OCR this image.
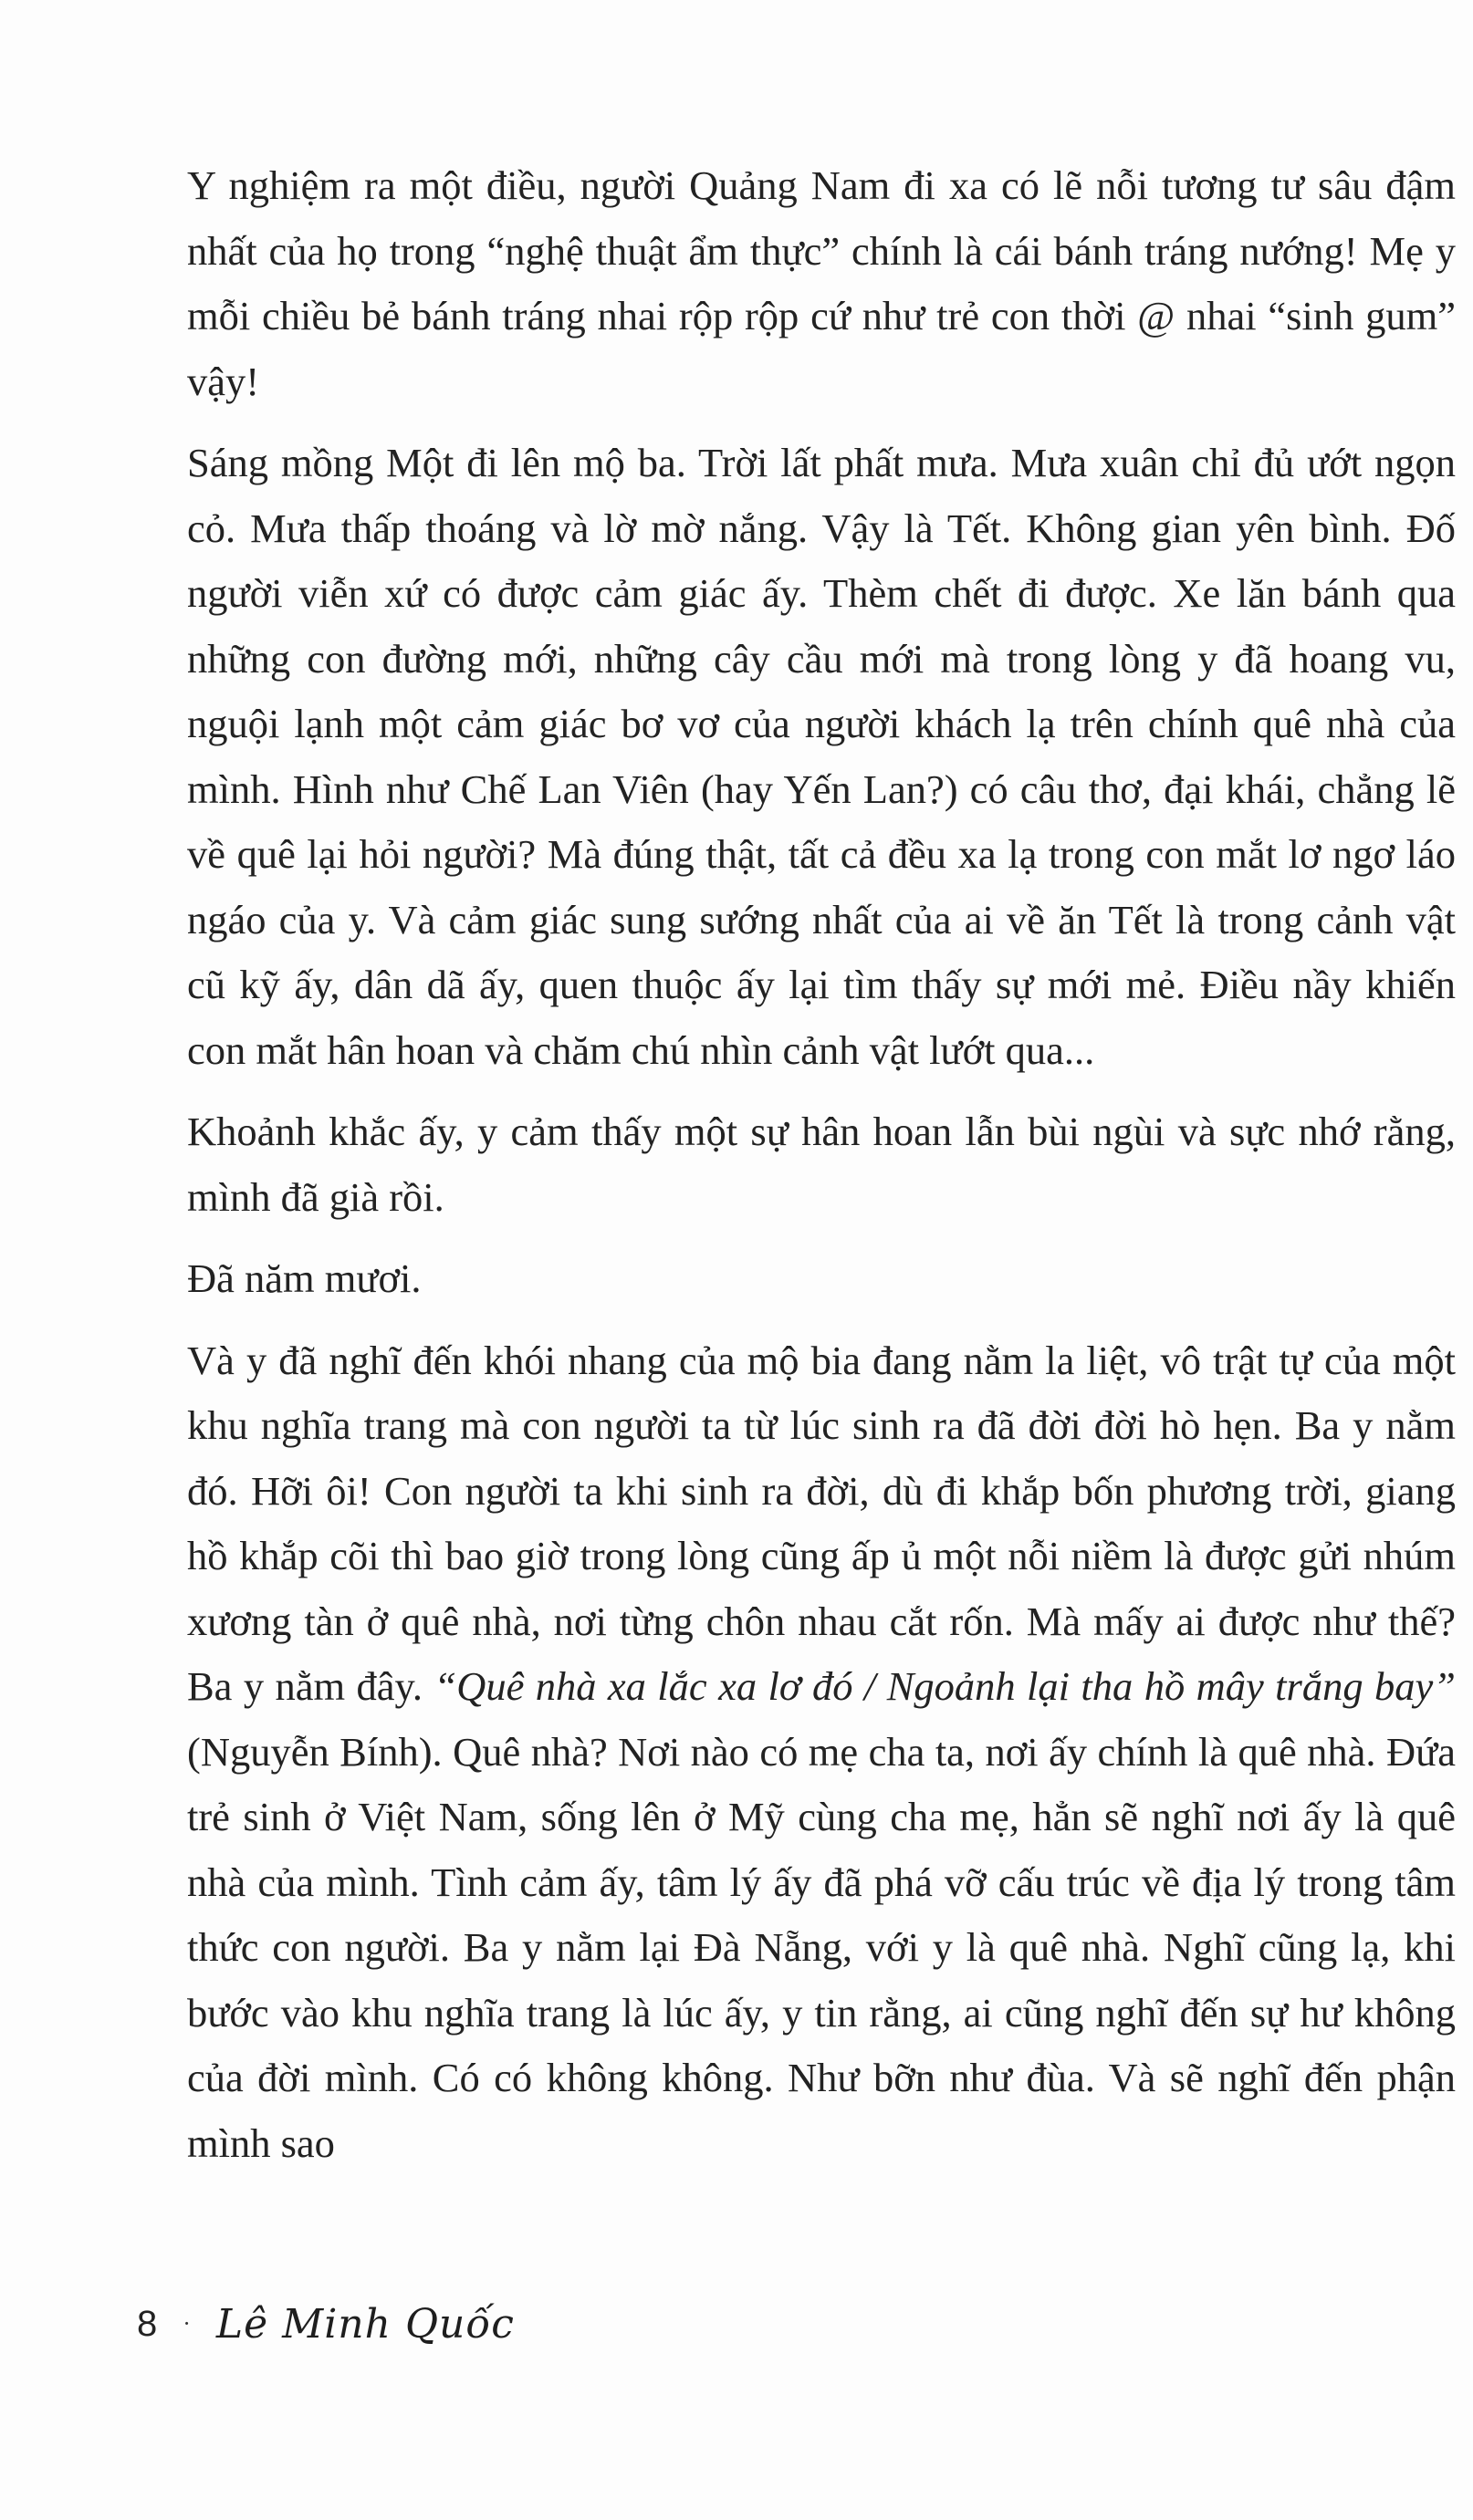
Y nghiệm ra một điều, người Quảng Nam đi xa có lẽ nỗi tương tư sâu đậm nhất của họ trong “nghệ thuật ẩm thực” chính là cái bánh tráng nướng! Mẹ y mỗi chiều bẻ bánh tráng nhai rộp rộp cứ như trẻ con thời @ nhai “sinh gum” vậy!

Sáng mồng Một đi lên mộ ba. Trời lất phất mưa. Mưa xuân chỉ đủ ướt ngọn cỏ. Mưa thấp thoáng và lờ mờ nắng. Vậy là Tết. Không gian yên bình. Đố người viễn xứ có được cảm giác ấy. Thèm chết đi được. Xe lăn bánh qua những con đường mới, những cây cầu mới mà trong lòng y đã hoang vu, nguội lạnh một cảm giác bơ vơ của người khách lạ trên chính quê nhà của mình. Hình như Chế Lan Viên (hay Yến Lan?) có câu thơ, đại khái, chẳng lẽ về quê lại hỏi người? Mà đúng thật, tất cả đều xa lạ trong con mắt lơ ngơ láo ngáo của y. Và cảm giác sung sướng nhất của ai về ăn Tết là trong cảnh vật cũ kỹ ấy, dân dã ấy, quen thuộc ấy lại tìm thấy sự mới mẻ. Điều nầy khiến con mắt hân hoan và chăm chú nhìn cảnh vật lướt qua...

Khoảnh khắc ấy, y cảm thấy một sự hân hoan lẫn bùi ngùi và sực nhớ rằng, mình đã già rồi.

Đã năm mươi.

Và y đã nghĩ đến khói nhang của mộ bia đang nằm la liệt, vô trật tự của một khu nghĩa trang mà con người ta từ lúc sinh ra đã đời đời hò hẹn. Ba y nằm đó. Hỡi ôi! Con người ta khi sinh ra đời, dù đi khắp bốn phương trời, giang hồ khắp cõi thì bao giờ trong lòng cũng ấp ủ một nỗi niềm là được gửi nhúm xương tàn ở quê nhà, nơi từng chôn nhau cắt rốn. Mà mấy ai được như thế? Ba y nằm đây. “Quê nhà xa lắc xa lơ đó / Ngoảnh lại tha hồ mây trắng bay” (Nguyễn Bính). Quê nhà? Nơi nào có mẹ cha ta, nơi ấy chính là quê nhà. Đứa trẻ sinh ở Việt Nam, sống lên ở Mỹ cùng cha mẹ, hẳn sẽ nghĩ nơi ấy là quê nhà của mình. Tình cảm ấy, tâm lý ấy đã phá vỡ cấu trúc về địa lý trong tâm thức con người. Ba y nằm lại Đà Nẵng, với y là quê nhà. Nghĩ cũng lạ, khi bước vào khu nghĩa trang là lúc ấy, y tin rằng, ai cũng nghĩ đến sự hư không của đời mình. Có có không không. Như bỡn như đùa. Và sẽ nghĩ đến phận mình sao

8 · Lê Minh Quốc
